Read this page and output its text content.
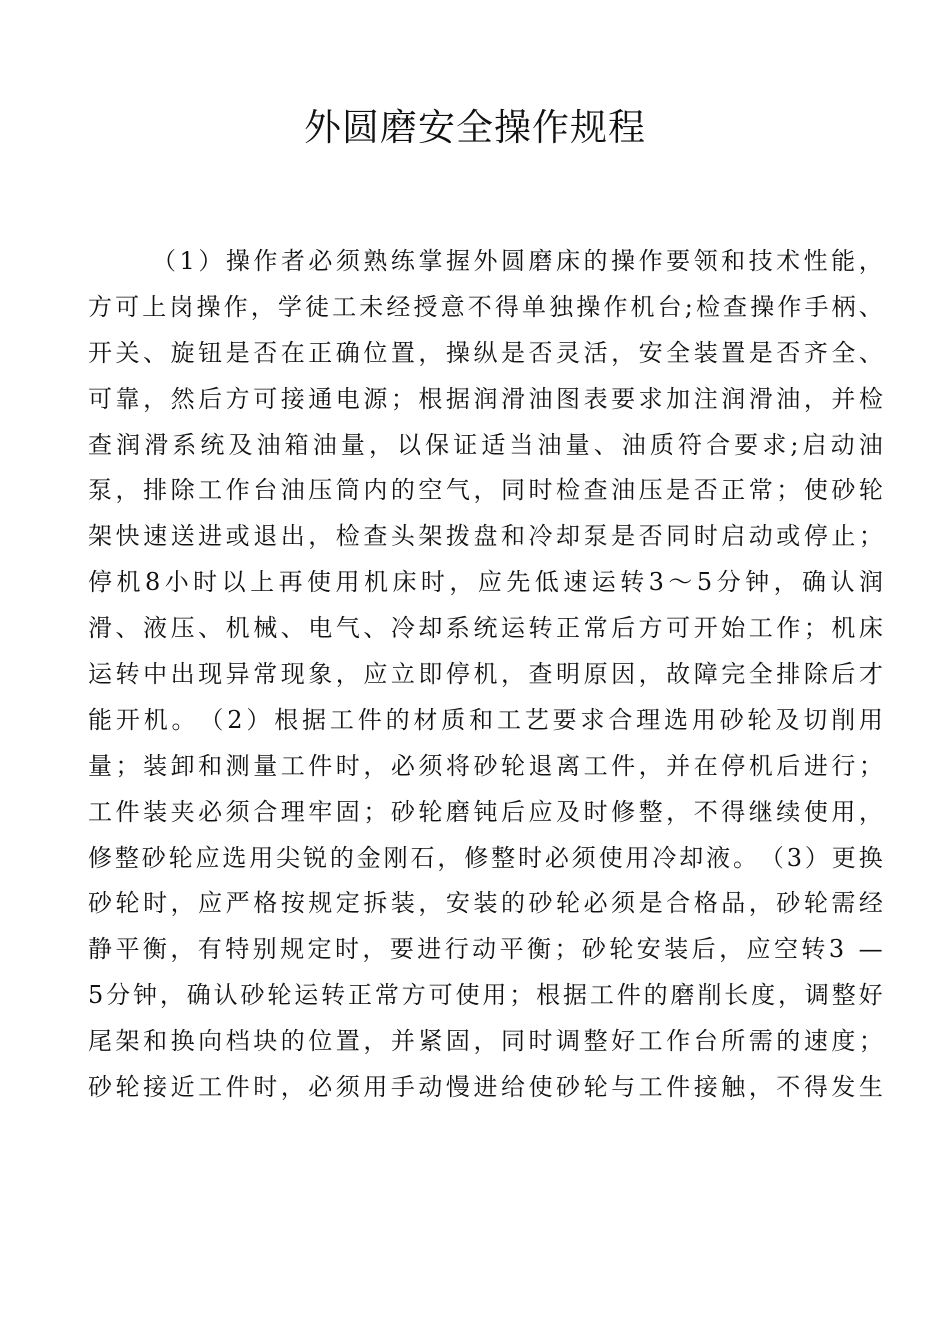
外圆磨安全操作规程
（ 1 ） 操 作 者 必 须 熟 练 掌 握 外 圆 磨 床 的 操 作 要 领 和 技 术 性 能 ，
方 可 上 岗 操 作 ， 学 徒 工 未 经 授 意 不 得 单 独 操 作 机 台 ; 检 查 操 作 手 柄 、
开 关 、 旋 钮 是 否 在 正 确 位 置 ， 操 纵 是 否 灵 活 ， 安 全 装 置 是 否 齐 全 、
可 靠 ， 然 后 方 可 接 通 电 源 ； 根 据 润 滑 油 图 表 要 求 加 注 润 滑 油 ， 并 检
查 润 滑 系 统 及 油 箱 油 量 ， 以 保 证 适 当 油 量 、 油 质 符 合 要 求 ; 启 动 油
泵 ， 排 除 工 作 台 油 压 筒 内 的 空 气 ， 同 时 检 查 油 压 是 否 正 常 ； 使 砂 轮
架 快 速 送 进 或 退 出 ， 检 查 头 架 拨 盘 和 冷 却 泵 是 否 同 时 启 动 或 停 止 ；
停 机 8 小 时 以 上 再 使 用 机 床 时 ， 应 先 低 速 运 转 3 〜 5 分 钟 ， 确 认 润
滑 、 液 压 、 机 械 、 电 气 、 冷 却 系 统 运 转 正 常 后 方 可 开 始 工 作 ； 机 床
运 转 中 出 现 异 常 现 象 ， 应 立 即 停 机 ， 查 明 原 因 ， 故 障 完 全 排 除 后 才
能 开 机 。 （ 2 ） 根 据 工 件 的 材 质 和 工 艺 要 求 合 理 选 用 砂 轮 及 切 削 用
量 ； 装 卸 和 测 量 工 件 时 ， 必 须 将 砂 轮 退 离 工 件 ， 并 在 停 机 后 进 行 ；
工 件 装 夹 必 须 合 理 牢 固 ； 砂 轮 磨 钝 后 应 及 时 修 整 ， 不 得 继 续 使 用 ，
修 整 砂 轮 应 选 用 尖 锐 的 金 刚 石 ， 修 整 时 必 须 使 用 冷 却 液 。 （ 3 ） 更 换
砂 轮 时 ， 应 严 格 按 规 定 拆 装 ， 安 装 的 砂 轮 必 须 是 合 格 品 ， 砂 轮 需 经
静 平 衡 ， 有 特 别 规 定 时 ， 要 进 行 动 平 衡 ； 砂 轮 安 装 后 ， 应 空 转 3
—
5 分 钟 ， 确 认 砂 轮 运 转 正 常 方 可 使 用 ； 根 据 工 件 的 磨 削 长 度 ， 调 整 好
尾 架 和 换 向 档 块 的 位 置 ， 并 紧 固 ， 同 时 调 整 好 工 作 台 所 需 的 速 度 ；
砂 轮 接 近 工 件 时 ， 必 须 用 手 动 慢 进 给 使 砂 轮 与 工 件 接 触 ， 不 得 发 生
